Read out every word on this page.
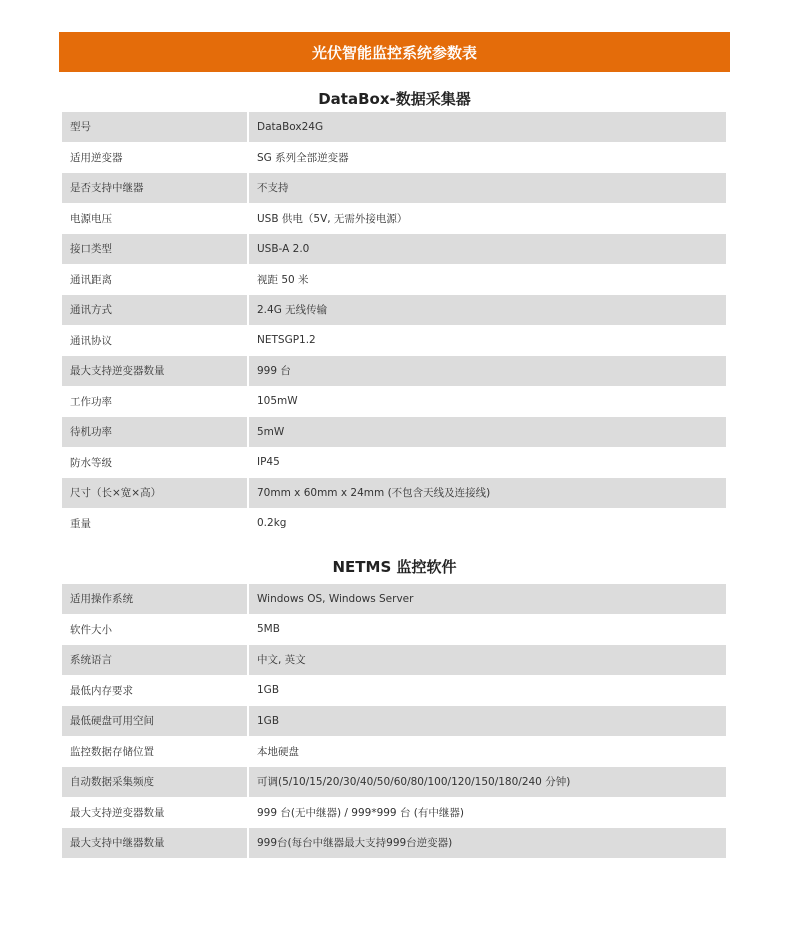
光伏智能监控系统参数表
DataBox-数据采集器
型号	DataBox24G
适用逆变器	SG 系列全部逆变器
是否支持中继器	不支持
电源电压	USB 供电（5V, 无需外接电源）
接口类型	USB-A 2.0
通讯距离	视距 50 米
通讯方式	2.4G 无线传输
通讯协议	NETSGP1.2
最大支持逆变器数量	999 台
工作功率	105mW
待机功率	5mW
防水等级	IP45
尺寸（长×宽×高）	70mm x 60mm x 24mm (不包含天线及连接线)
重量	0.2kg
NETMS 监控软件
适用操作系统	Windows OS, Windows Server
软件大小	5MB
系统语言	中文, 英文
最低内存要求	1GB
最低硬盘可用空间	1GB
监控数据存储位置	本地硬盘
自动数据采集频度	可调(5/10/15/20/30/40/50/60/80/100/120/150/180/240 分钟)
最大支持逆变器数量	999 台(无中继器) / 999*999 台 (有中继器)
最大支持中继器数量	999台(每台中继器最大支持999台逆变器)
